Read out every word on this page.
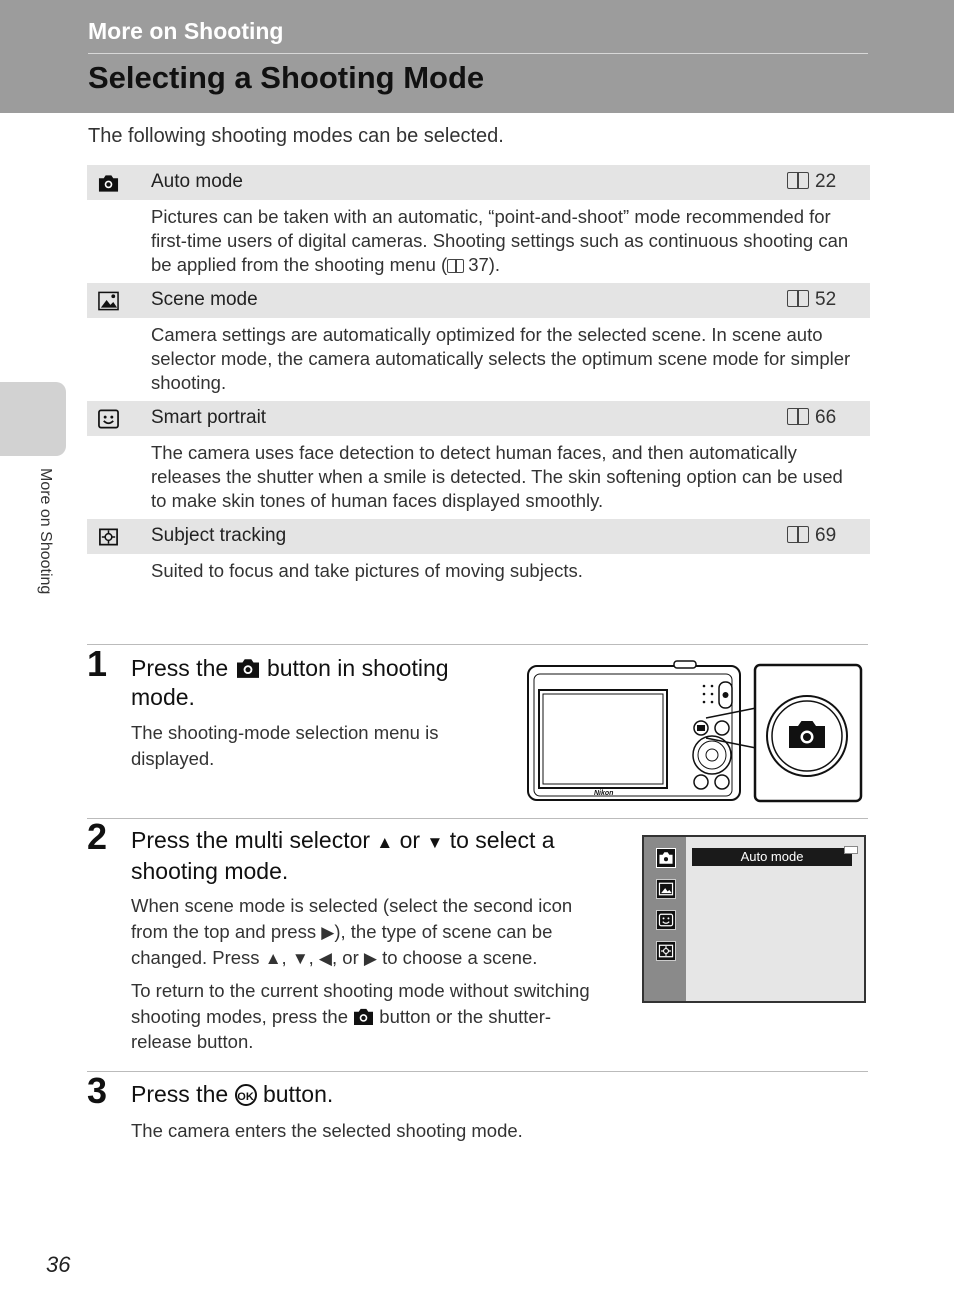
More on Shooting
Selecting a Shooting Mode
The following shooting modes can be selected.
More on Shooting
Auto mode	22
Pictures can be taken with an automatic, “point-and-shoot” mode recommended for first-time users of digital cameras. Shooting settings such as continuous shooting can be applied from the shooting menu ( 37).
Scene mode	52
Camera settings are automatically optimized for the selected scene. In scene auto selector mode, the camera automatically selects the optimum scene mode for simpler shooting.
Smart portrait	66
The camera uses face detection to detect human faces, and then automatically releases the shutter when a smile is detected. The skin softening option can be used to make skin tones of human faces displayed smoothly.
Subject tracking	69
Suited to focus and take pictures of moving subjects.
1 Press the button in shooting mode.
The shooting-mode selection menu is displayed.
Nikon
2 Press the multi selector ▲ or ▼ to select a shooting mode.
When scene mode is selected (select the second icon from the top and press ▶), the type of scene can be changed. Press ▲, ▼, ◀, or ▶ to choose a scene.
To return to the current shooting mode without switching shooting modes, press the button or the shutter-release button.
Auto mode
3 Press the OK button.
The camera enters the selected shooting mode.
36
